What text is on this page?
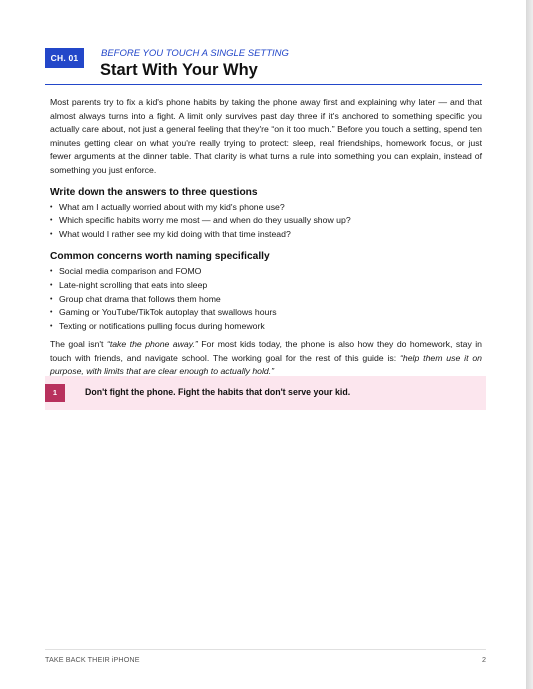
CH. 01	BEFORE YOU TOUCH A SINGLE SETTING
Start With Your Why

Most parents try to fix a kid's phone habits by taking the phone away first and explaining why later — and that almost always turns into a fight. A limit only survives past day three if it's anchored to something specific you actually care about, not just a general feeling that they're “on it too much.” Before you touch a setting, spend ten minutes getting clear on what you're really trying to protect: sleep, real friendships, homework focus, or just fewer arguments at the dinner table. That clarity is what turns a rule into something you can explain, instead of something you just enforce.

Write down the answers to three questions
• What am I actually worried about with my kid's phone use?
• Which specific habits worry me most — and when do they usually show up?
• What would I rather see my kid doing with that time instead?
Common concerns worth naming specifically
• Social media comparison and FOMO
• Late-night scrolling that eats into sleep
• Group chat drama that follows them home
• Gaming or YouTube/TikTok autoplay that swallows hours
• Texting or notifications pulling focus during homework

The goal isn't “take the phone away.” For most kids today, the phone is also how they do homework, stay in touch with friends, and navigate school. The working goal for the rest of this guide is: “help them use it on purpose, with limits that are clear enough to actually hold.”

1	Don't fight the phone. Fight the habits that don't serve your kid.
TAKE BACK THEIR iPHONE	2
